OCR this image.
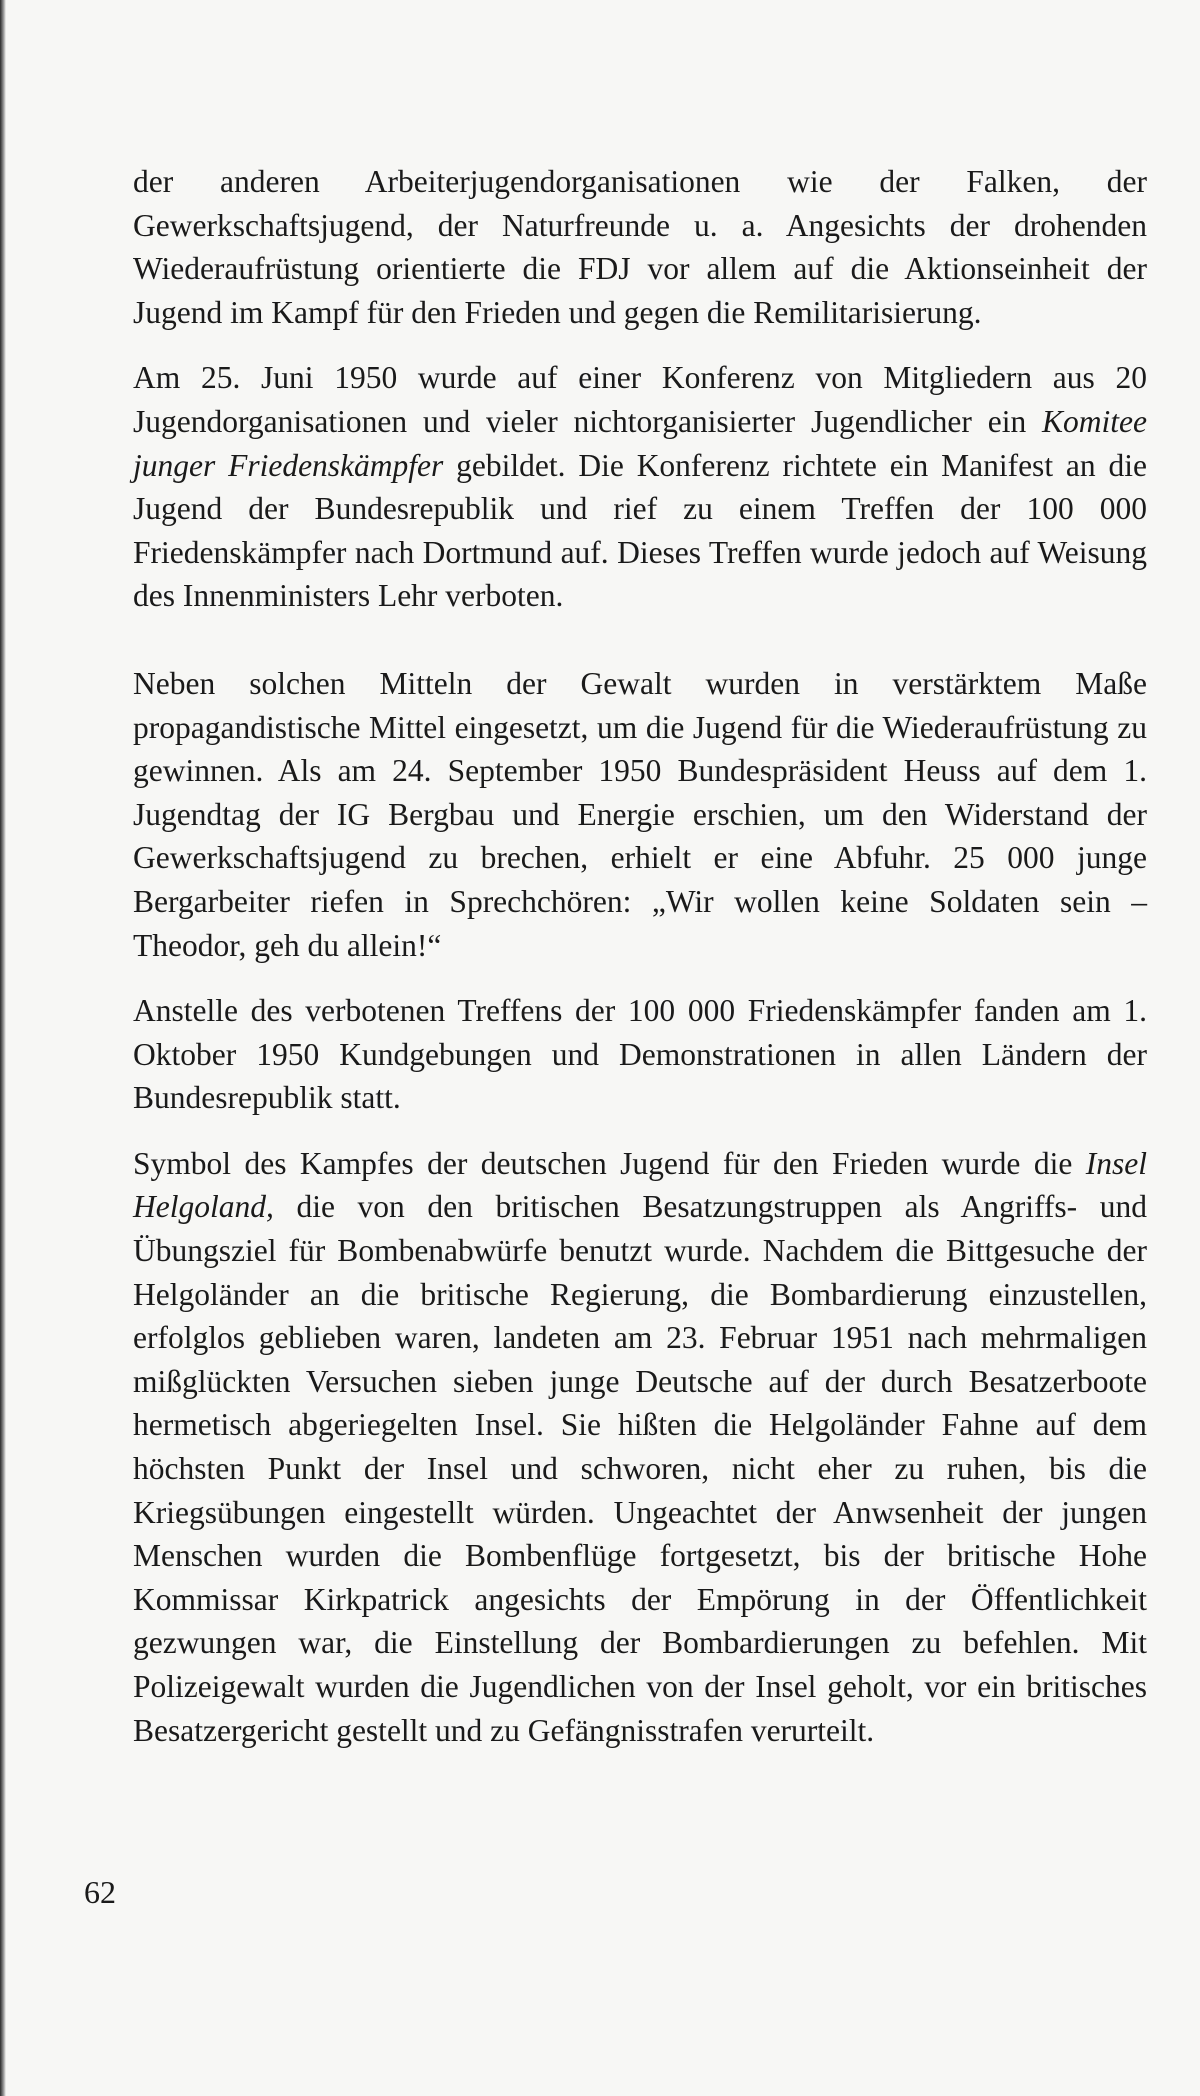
der anderen Arbeiterjugendorganisationen wie der Falken, der Gewerkschaftsjugend, der Naturfreunde u. a. Angesichts der drohenden Wiederaufrüstung orientierte die FDJ vor allem auf die Aktionseinheit der Jugend im Kampf für den Frieden und gegen die Remilitarisierung.

Am 25. Juni 1950 wurde auf einer Konferenz von Mitgliedern aus 20 Jugendorganisationen und vieler nichtorganisierter Jugendlicher ein Komitee junger Friedenskämpfer gebildet. Die Konferenz richtete ein Manifest an die Jugend der Bundesrepublik und rief zu einem Treffen der 100 000 Friedenskämpfer nach Dortmund auf. Dieses Treffen wurde jedoch auf Weisung des Innenministers Lehr verboten.

Neben solchen Mitteln der Gewalt wurden in verstärktem Maße propagandistische Mittel eingesetzt, um die Jugend für die Wiederaufrüstung zu gewinnen. Als am 24. September 1950 Bundespräsident Heuss auf dem 1. Jugendtag der IG Bergbau und Energie erschien, um den Widerstand der Gewerkschaftsjugend zu brechen, erhielt er eine Abfuhr. 25 000 junge Bergarbeiter riefen in Sprechchören: „Wir wollen keine Soldaten sein – Theodor, geh du allein!“

Anstelle des verbotenen Treffens der 100 000 Friedenskämpfer fanden am 1. Oktober 1950 Kundgebungen und Demonstrationen in allen Ländern der Bundesrepublik statt.

Symbol des Kampfes der deutschen Jugend für den Frieden wurde die Insel Helgoland, die von den britischen Besatzungstruppen als Angriffs- und Übungsziel für Bombenabwürfe benutzt wurde. Nachdem die Bittgesuche der Helgoländer an die britische Regierung, die Bombardierung einzustellen, erfolglos geblieben waren, landeten am 23. Februar 1951 nach mehrmaligen mißglückten Versuchen sieben junge Deutsche auf der durch Besatzerboote hermetisch abgeriegelten Insel. Sie hißten die Helgoländer Fahne auf dem höchsten Punkt der Insel und schworen, nicht eher zu ruhen, bis die Kriegsübungen eingestellt würden. Ungeachtet der Anwsenheit der jungen Menschen wurden die Bombenflüge fortgesetzt, bis der britische Hohe Kommissar Kirkpatrick angesichts der Empörung in der Öffentlichkeit gezwungen war, die Einstellung der Bombardierungen zu befehlen. Mit Polizeigewalt wurden die Jugendlichen von der Insel geholt, vor ein britisches Besatzergericht gestellt und zu Gefängnisstrafen verurteilt.

62
